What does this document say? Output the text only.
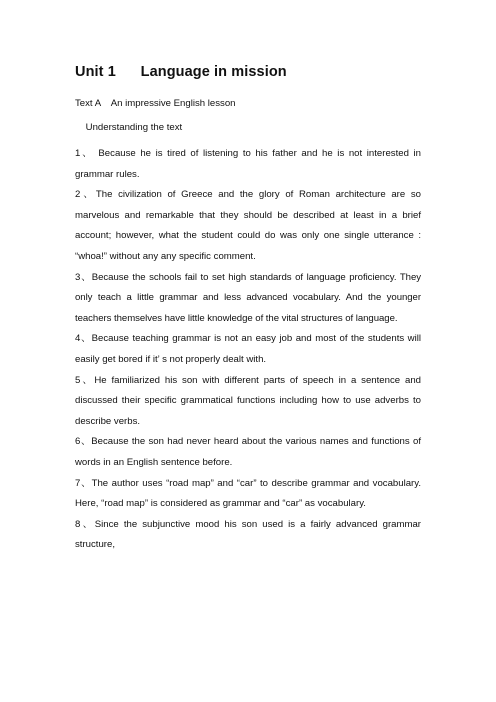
Unit 1      Language in mission
Text A    An impressive English lesson
Understanding the text

1、 Because he is tired of listening to his father and he is not interested in grammar rules.

2、The civilization of Greece and the glory of Roman architecture are so marvelous and remarkable that they should be described at least in a brief account; however, what the student could do was only one single utterance : “whoa!” without any any specific comment.

3、Because the schools fail to set high standards of language proficiency. They only teach a little grammar and less advanced vocabulary. And the younger teachers themselves have little knowledge of the vital structures of language.

4、Because teaching grammar is not an easy job and most of the students will easily get bored if it’ s not properly dealt with.

5、He familiarized his son with different parts of speech in a sentence and discussed their specific grammatical functions including how to use adverbs to describe verbs.

6、Because the son had never heard about the various names and functions of words in an English sentence before.

7、The author uses “road map” and “car” to describe grammar and vocabulary. Here, “road map” is considered as grammar and “car” as vocabulary.

8、Since the subjunctive mood his son used is a fairly advanced grammar structure,
